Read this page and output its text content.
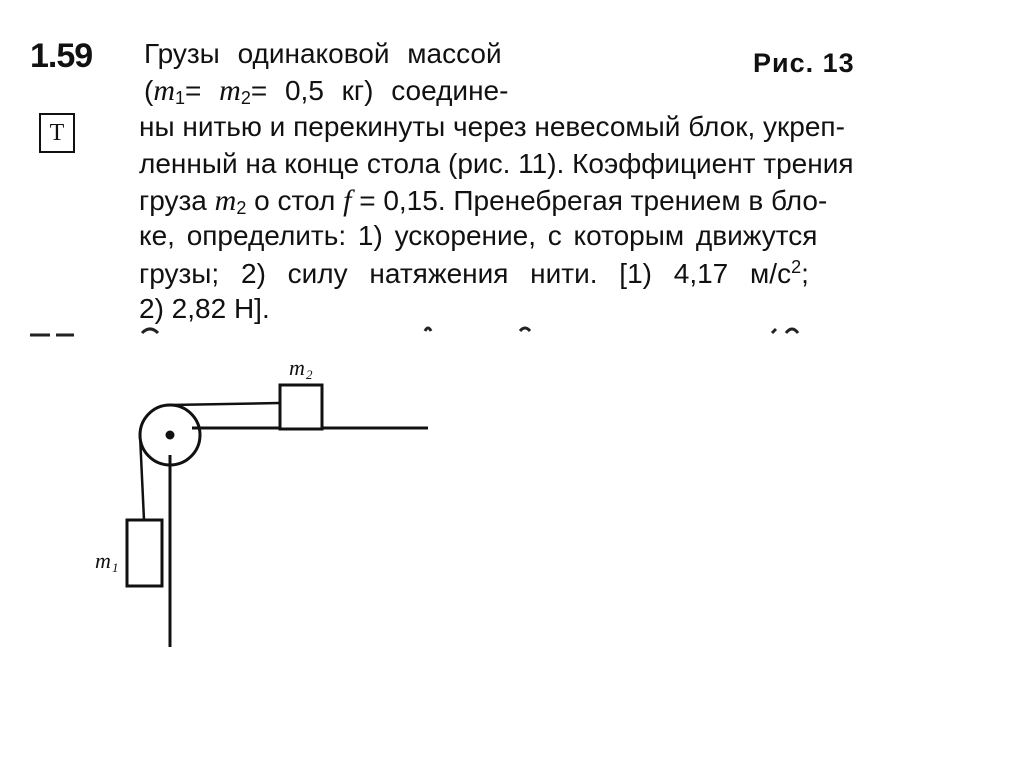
1.59	Рис. 13
Т
Грузы одинаковой массой
($m_1= m_2= 0,5$ кг) соедине-
ны нитью и перекинуты через невесомый блок, укреп-
ленный на конце стола (рис. 11). Коэффициент трения
груза $m_2$ о стол f = 0,15. Пренебрегая трением в бло-
ке, определить: 1) ускорение, с которым движутся
грузы; 2) силу натяжения нити. [1) 4,17 $м/с^2$;
2) 2,82 Н].
m 2
m 1
